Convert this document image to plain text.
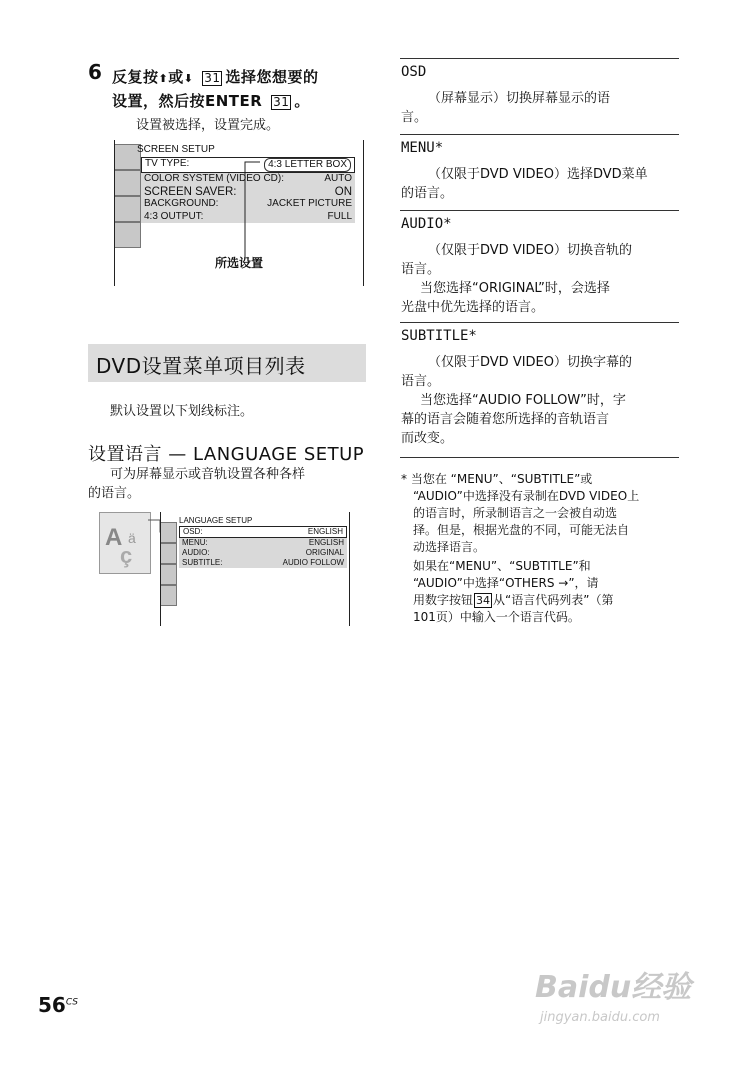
6 反复按⬆或⬇ 31 选择您想要的
设置，然后按ENTER 31 。
设置被选择，设置完成。
SCREEN SETUP
TV TYPE:	4:3 LETTER BOX
COLOR SYSTEM (VIDEO CD):	AUTO
SCREEN SAVER:	ON
BACKGROUND:	JACKET PICTURE
4:3 OUTPUT:	FULL
所选设置
DVD设置菜单项目列表
默认设置以下划线标注。
设置语言 — LANGUAGE SETUP
可为屏幕显示或音轨设置各种各样
的语言。
A
ç
ä
LANGUAGE SETUP
OSD:	ENGLISH
MENU:	ENGLISH
AUDIO:	ORIGINAL
SUBTITLE:	AUDIO FOLLOW
OSD
（屏幕显示）切换屏幕显示的语
言。
MENU*
（仅限于DVD VIDEO）选择DVD菜单
的语言。
AUDIO*
（仅限于DVD VIDEO）切换音轨的
语言。
当您选择“ORIGINAL”时，会选择
光盘中优先选择的语言。
SUBTITLE*
（仅限于DVD VIDEO）切换字幕的
语言。
当您选择“AUDIO FOLLOW”时，字
幕的语言会随着您所选择的音轨语言
而改变。
* 当您在 “MENU”、“SUBTITLE”或
“AUDIO”中选择没有录制在DVD VIDEO上
的语言时，所录制语言之一会被自动选
择。但是，根据光盘的不同，可能无法自
动选择语言。
如果在“MENU”、“SUBTITLE”和
“AUDIO”中选择“OTHERS →”，请
用数字按钮 34 从“语言代码列表”（第
101页）中输入一个语言代码。
$56^{CS}$	Baidu经验
jingyan.baidu.com
